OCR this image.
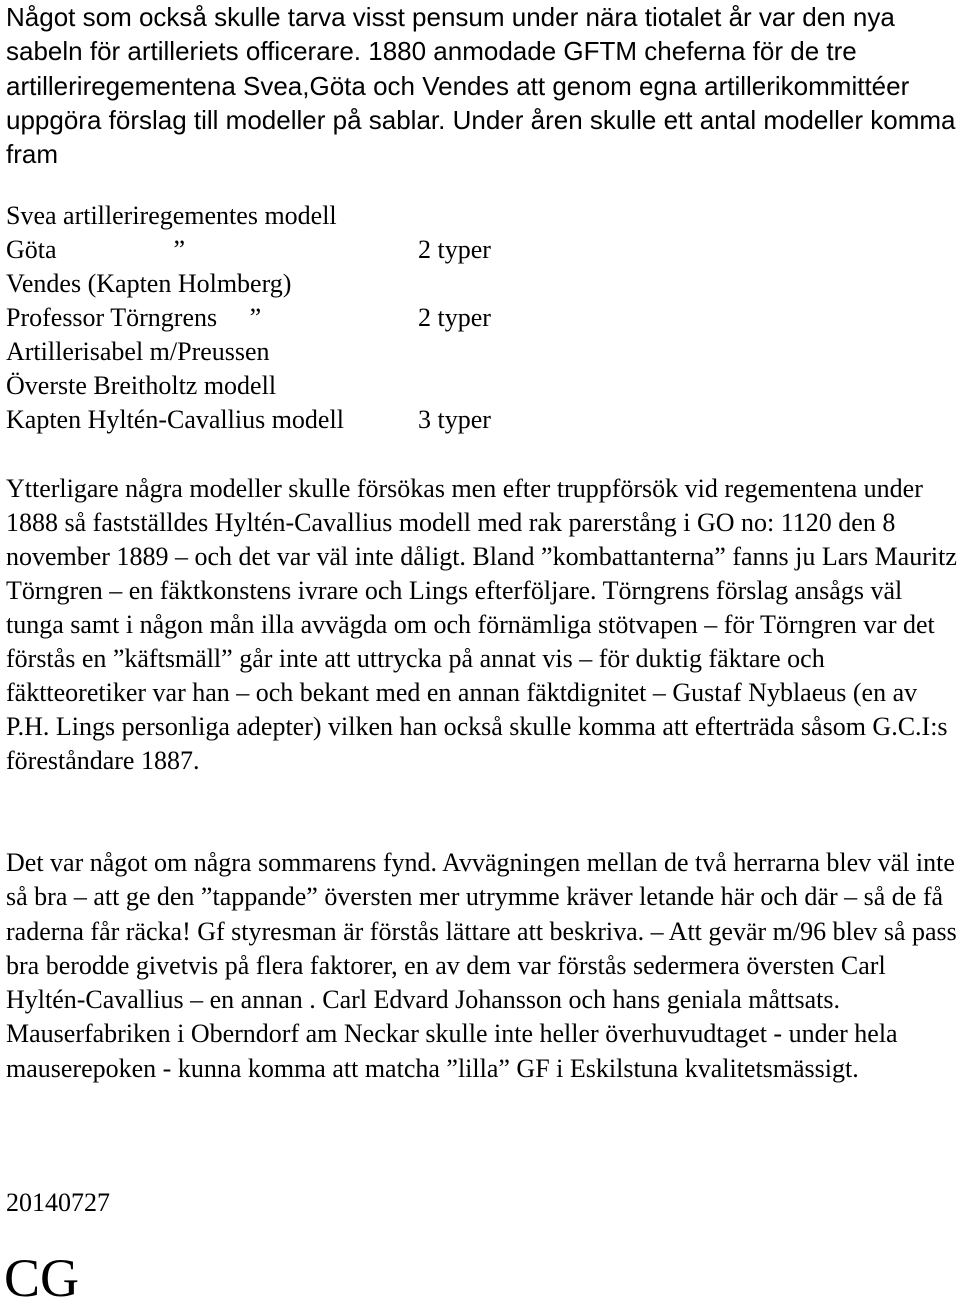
Något som också skulle tarva visst pensum under nära tiotalet år var den nya sabeln för artilleriets officerare. 1880 anmodade GFTM cheferna för de tre artilleriregementena Svea,Göta och Vendes att genom egna artillerikommittéer uppgöra förslag till modeller på sablar. Under åren skulle ett antal modeller komma fram

Svea artilleriregementes modell
Göta                  ”	2 typer
Vendes (Kapten Holmberg)
Professor Törngrens     ”	2 typer
Artillerisabel m/Preussen
Överste Breitholtz modell
Kapten Hyltén-Cavallius modell	3 typer

Ytterligare några modeller skulle försökas men efter truppförsök vid regementena under 1888 så fastställdes Hyltén-Cavallius modell med rak parerstång i GO no: 1120 den 8 november 1889 – och det var väl inte dåligt. Bland ”kombattanterna” fanns ju Lars Mauritz Törngren – en fäktkonstens ivrare och Lings efterföljare. Törngrens förslag ansågs väl tunga samt i någon mån illa avvägda om och förnämliga stötvapen – för Törngren var det förstås en ”käftsmäll” går inte att uttrycka på annat vis – för duktig fäktare och fäktteoretiker var han – och bekant med en annan fäktdignitet – Gustaf Nyblaeus (en av P.H. Lings personliga adepter) vilken han också skulle komma att efterträda såsom G.C.I:s föreståndare 1887.

Det var något om några sommarens fynd. Avvägningen mellan de två herrarna blev väl inte så bra – att ge den ”tappande” översten mer utrymme kräver letande här och där – så de få raderna får räcka! Gf styresman är förstås lättare att beskriva. – Att gevär m/96 blev så pass bra berodde givetvis på flera faktorer, en av dem var förstås sedermera översten Carl Hyltén-Cavallius – en annan . Carl Edvard Johansson och hans geniala måttsats. Mauserfabriken i Oberndorf am Neckar skulle inte heller överhuvudtaget - under hela mauserepoken - kunna komma att matcha ”lilla” GF i Eskilstuna kvalitetsmässigt.

20140727
CG
